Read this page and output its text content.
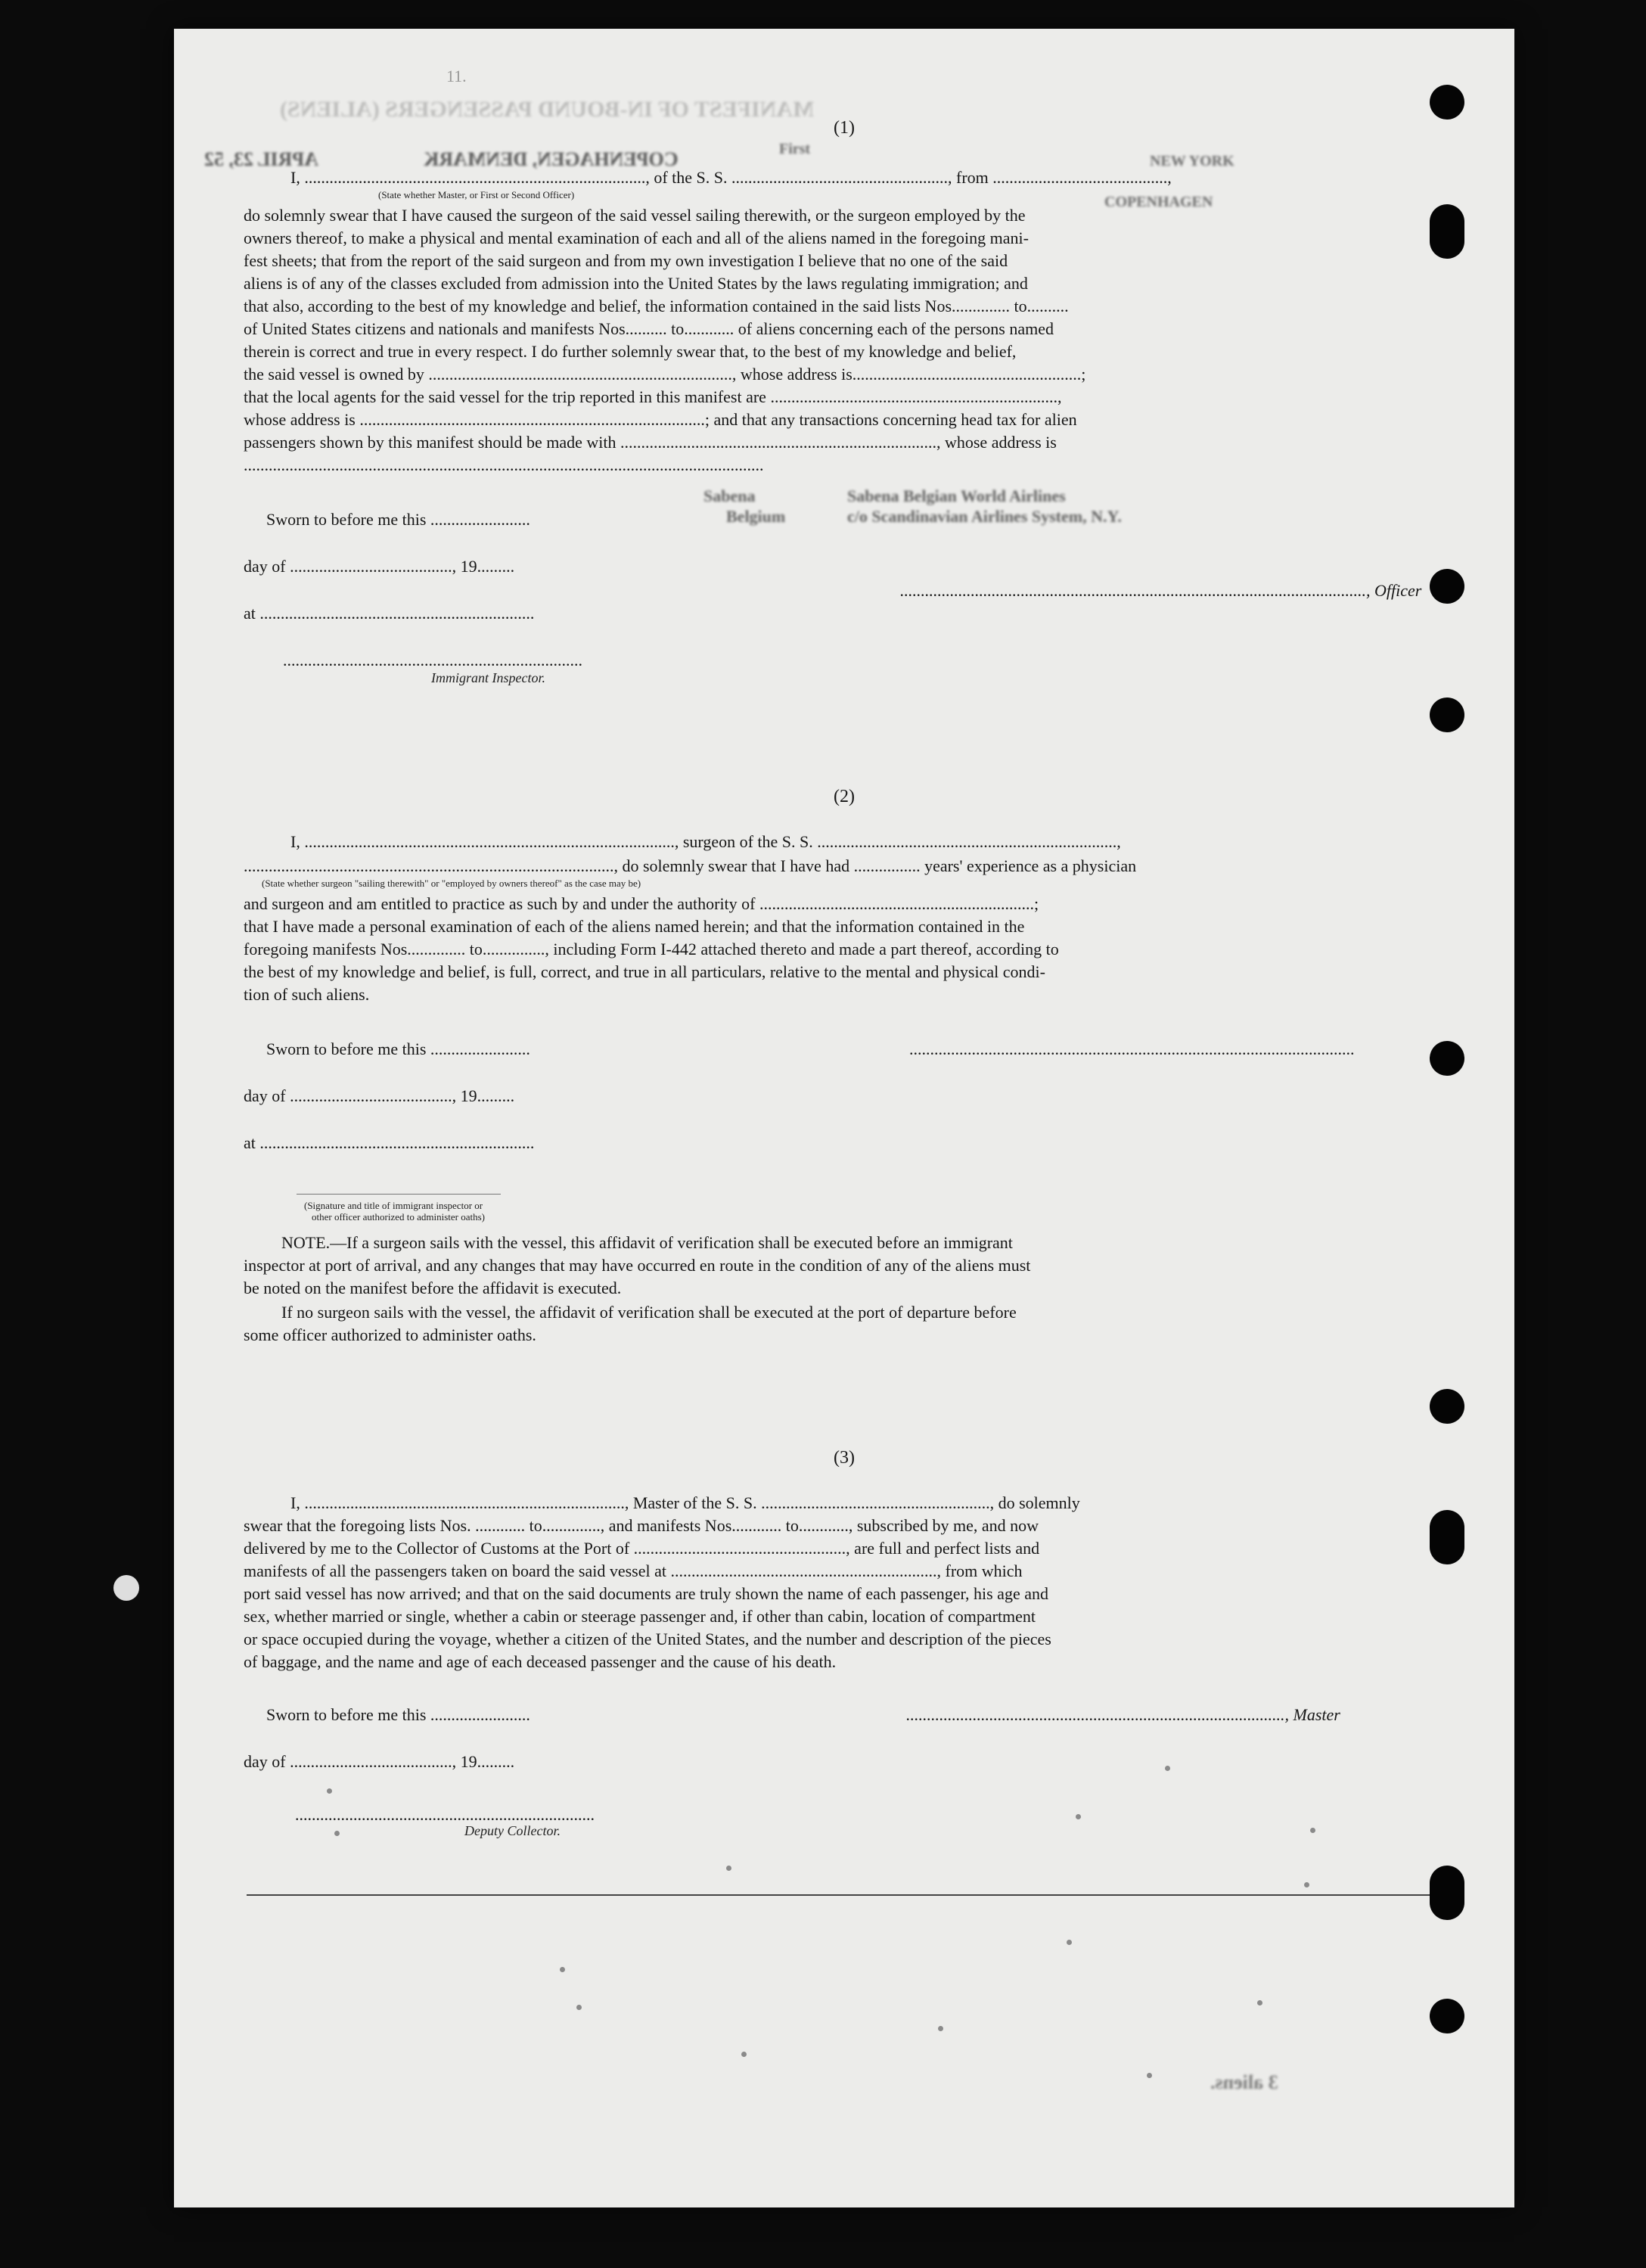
11.
MANIFEST OF IN-BOUND PASSENGERS (ALIENS)
APRIL 23, 52	COPENHAGEN, DENMARK
(1)
First
NEW YORK
COPENHAGEN
I, .................................................................................., of the S. S. ...................................................., from ..........................................,
(State whether Master, or First or Second Officer)
do solemnly swear that I have caused the surgeon of the said vessel sailing therewith, or the surgeon employed by the
owners thereof, to make a physical and mental examination of each and all of the aliens named in the foregoing mani-
fest sheets; that from the report of the said surgeon and from my own investigation I believe that no one of the said
aliens is of any of the classes excluded from admission into the United States by the laws regulating immigration; and
that also, according to the best of my knowledge and belief, the information contained in the said lists Nos.............. to..........
of United States citizens and nationals and manifests Nos.......... to............ of aliens concerning each of the persons named
therein is correct and true in every respect. I do further solemnly swear that, to the best of my knowledge and belief,
the said vessel is owned by ........................................................................., whose address is.......................................................;
that the local agents for the said vessel for the trip reported in this manifest are .....................................................................,
whose address is ...................................................................................; and that any transactions concerning head tax for alien
passengers shown by this manifest should be made with ............................................................................, whose address is
.............................................................................................................................
Sabena
Belgium
Sabena Belgian World Airlines
c/o Scandinavian Airlines System, N.Y.
Sworn to before me this ........................
day of ......................................., 19.........
................................................................................................................, Officer
at ..................................................................
........................................................................
Immigrant Inspector.
(2)
I, ........................................................................................., surgeon of the S. S. ........................................................................,
........................................................................................., do solemnly swear that I have had ................ years' experience as a physician
(State whether surgeon "sailing therewith" or "employed by owners thereof" as the case may be)
and surgeon and am entitled to practice as such by and under the authority of ..................................................................;
that I have made a personal examination of each of the aliens named herein; and that the information contained in the
foregoing manifests Nos.............. to..............., including Form I-442 attached thereto and made a part thereof, according to
the best of my knowledge and belief, is full, correct, and true in all particulars, relative to the mental and physical condi-
tion of such aliens.
Sworn to before me this ........................	...........................................................................................................
day of ......................................., 19.........
at ..................................................................
(Signature and title of immigrant inspector or
other officer authorized to administer oaths)
NOTE.—If a surgeon sails with the vessel, this affidavit of verification shall be executed before an immigrant
inspector at port of arrival, and any changes that may have occurred en route in the condition of any of the aliens must
be noted on the manifest before the affidavit is executed.
If no surgeon sails with the vessel, the affidavit of verification shall be executed at the port of departure before
some officer authorized to administer oaths.
(3)
I, ............................................................................., Master of the S. S. ......................................................., do solemnly
swear that the foregoing lists Nos. ............ to.............., and manifests Nos............ to............, subscribed by me, and now
delivered by me to the Collector of Customs at the Port of ..................................................., are full and perfect lists and
manifests of all the passengers taken on board the said vessel at ................................................................, from which
port said vessel has now arrived; and that on the said documents are truly shown the name of each passenger, his age and
sex, whether married or single, whether a cabin or steerage passenger and, if other than cabin, location of compartment
or space occupied during the voyage, whether a citizen of the United States, and the number and description of the pieces
of baggage, and the name and age of each deceased passenger and the cause of his death.
Sworn to before me this ........................	..........................................................................................., Master
day of ......................................., 19.........
........................................................................
Deputy Collector.
3 aliens.
